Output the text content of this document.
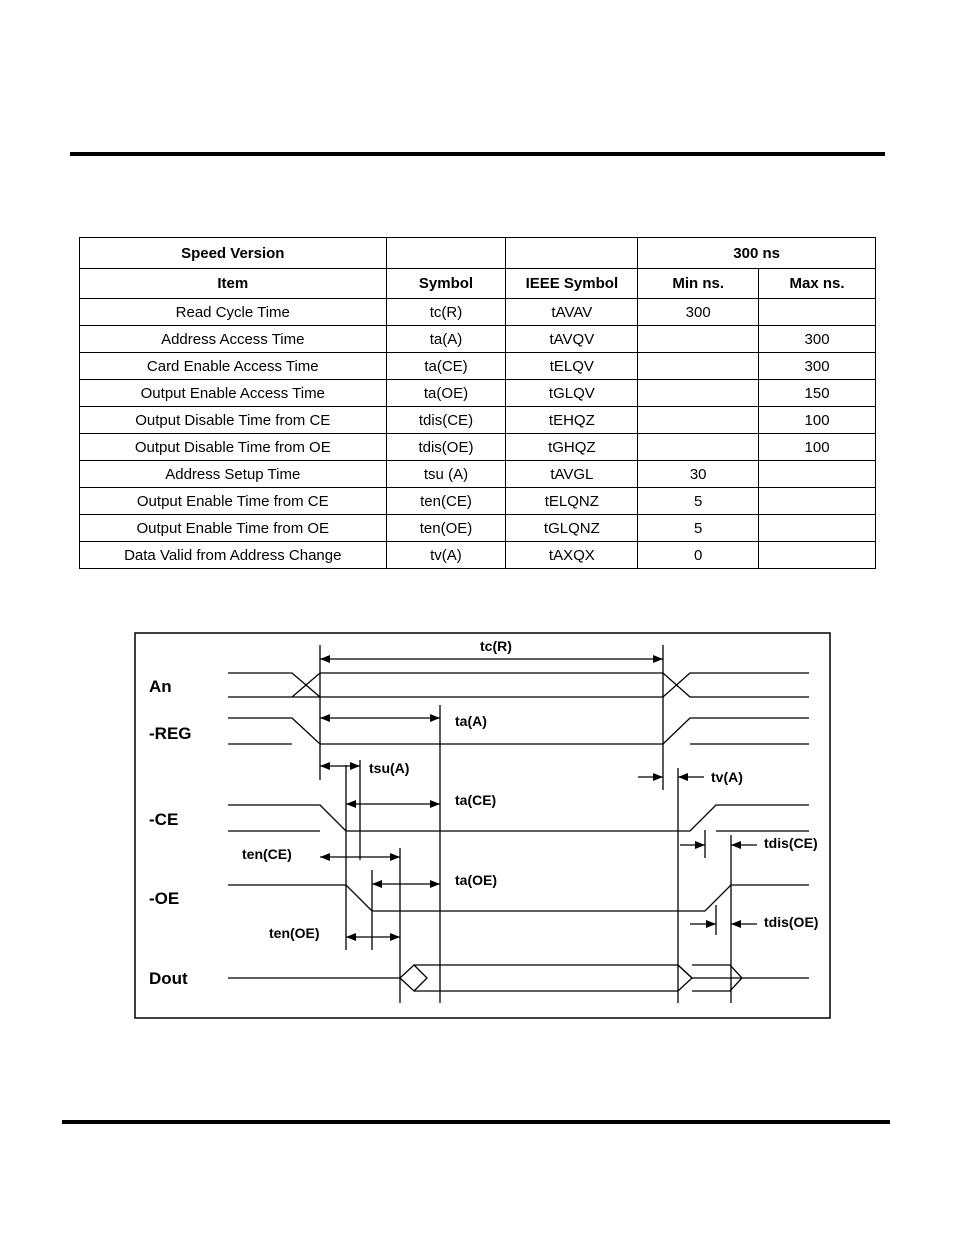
Speed Version			300 ns	
Item	Symbol	IEEE Symbol	Min ns.	Max ns.
Read Cycle Time	tc(R)	tAVAV	300	
Address Access Time	ta(A)	tAVQV		300
Card Enable Access Time	ta(CE)	tELQV		300
Output Enable Access Time	ta(OE)	tGLQV		150
Output Disable Time from CE	tdis(CE)	tEHQZ		100
Output Disable Time from OE	tdis(OE)	tGHQZ		100
Address Setup Time	tsu (A)	tAVGL	30	
Output Enable Time from CE	ten(CE)	tELQNZ	5	
Output Enable Time from OE	ten(OE)	tGLQNZ	5	
Data Valid from Address Change	tv(A)	tAXQX	0	
An
-REG
-CE
-OE
Dout
tc(R)
ta(A)
tsu(A)
tv(A)
ta(CE)
ten(CE)
tdis(CE)
ta(OE)
ten(OE)
tdis(OE)
